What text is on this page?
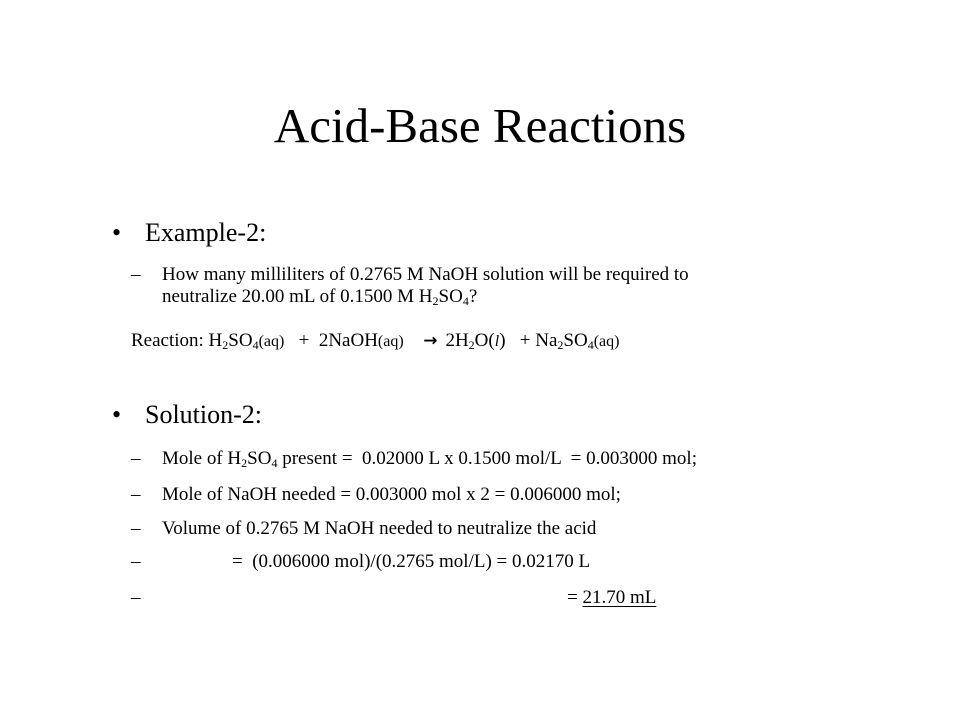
Acid-Base Reactions
• Example-2:
– How many milliliters of 0.2765 M NaOH solution will be required to
neutralize 20.00 mL of 0.1500 M $H_2SO_4$?
Reaction: $H_2SO_4(aq)$ + 2NaOH(aq) → $2H_2O(l) + Na_2SO_4(aq)$
• Solution-2:
– Mole of $H_2SO_4$ present =  0.02000 L x 0.1500 mol/L  = 0.003000 mol;
– Mole of NaOH needed = 0.003000 mol x 2 = 0.006000 mol;
– Volume of 0.2765 M NaOH needed to neutralize the acid
–	=  (0.006000 mol)/(0.2765 mol/L) = 0.02170 L
–	= 21.70 mL
